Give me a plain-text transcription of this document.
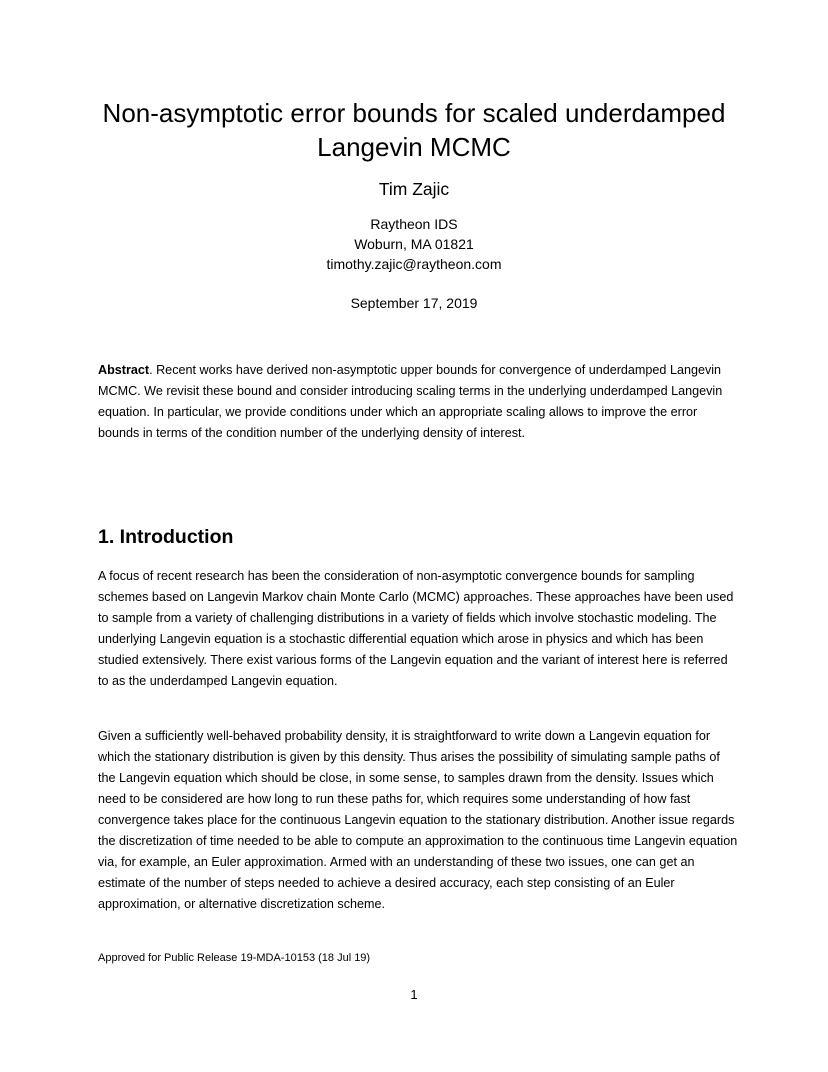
Non-asymptotic error bounds for scaled underdamped Langevin MCMC

Tim Zajic

Raytheon IDS
Woburn, MA 01821
timothy.zajic@raytheon.com
September 17, 2019

Abstract. Recent works have derived non-asymptotic upper bounds for convergence of underdamped Langevin MCMC. We revisit these bound and consider introducing scaling terms in the underlying underdamped Langevin equation. In particular, we provide conditions under which an appropriate scaling allows to improve the error bounds in terms of the condition number of the underlying density of interest.

1. Introduction

A focus of recent research has been the consideration of non-asymptotic convergence bounds for sampling schemes based on Langevin Markov chain Monte Carlo (MCMC) approaches. These approaches have been used to sample from a variety of challenging distributions in a variety of fields which involve stochastic modeling. The underlying Langevin equation is a stochastic differential equation which arose in physics and which has been studied extensively. There exist various forms of the Langevin equation and the variant of interest here is referred to as the underdamped Langevin equation.

Given a sufficiently well-behaved probability density, it is straightforward to write down a Langevin equation for which the stationary distribution is given by this density. Thus arises the possibility of simulating sample paths of the Langevin equation which should be close, in some sense, to samples drawn from the density. Issues which need to be considered are how long to run these paths for, which requires some understanding of how fast convergence takes place for the continuous Langevin equation to the stationary distribution. Another issue regards the discretization of time needed to be able to compute an approximation to the continuous time Langevin equation via, for example, an Euler approximation. Armed with an understanding of these two issues, one can get an estimate of the number of steps needed to achieve a desired accuracy, each step consisting of an Euler approximation, or alternative discretization scheme.

Approved for Public Release 19-MDA-10153 (18 Jul 19)
1
